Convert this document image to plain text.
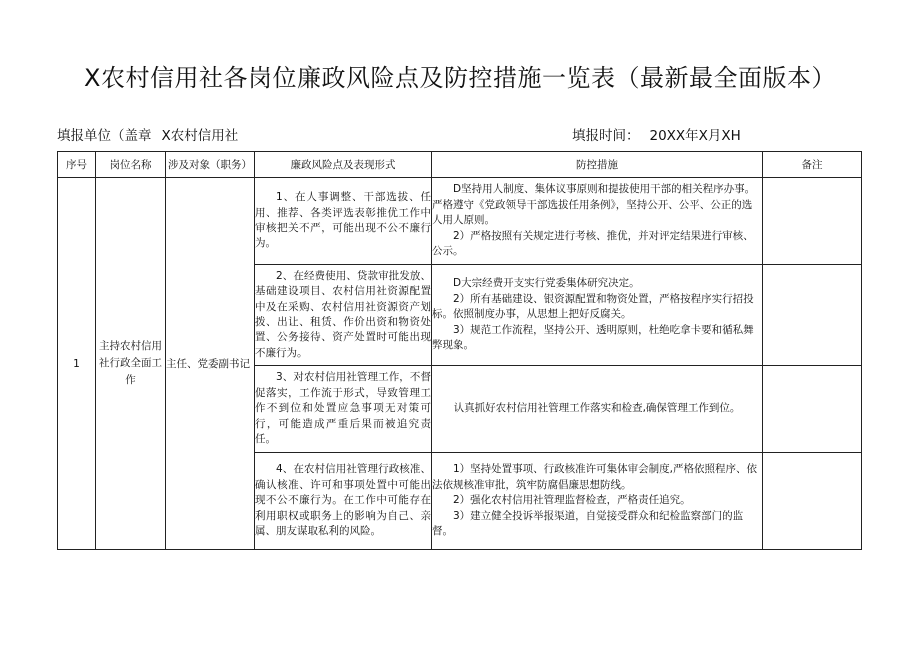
X农村信用社各岗位廉政风险点及防控措施一览表（最新最全面版本）
填报单位（盖章 X农村信用社	填报时间： 20XX年X月XH
序号	岗位名称	涉及对象（职务）	廉政风险点及表现形式	防控措施	备注
1	主持农村信用社行政全面工作	主任、党委副书记	1、在人事调整、干部选拔、任用、推荐、各类评选表彰推优工作中审核把关不严，可能出现不公不廉行为。	D坚持用人制度、集体议事原则和提拔使用干部的相关程序办事。严格遵守《党政领导干部选拔任用条例》，坚持公开、公平、公正的选人用人原则。
2）严格按照有关规定进行考核、推优，并对评定结果进行审核、公示。	

			2、在经费使用、贷款审批发放、基础建设项目、农村信用社资源配置中及在采购、农村信用社资源资产划拨、出让、租赁、作价出资和物资处置、公务接待、资产处置时可能出现不廉行为。	D大宗经费开支实行党委集体研究决定。
2）所有基础建设、银资源配置和物资处置，严格按程序实行招投标。依照制度办事，从思想上把好反腐关。
3）规范工作流程，坚持公开、透明原则，杜绝吃拿卡要和循私舞弊现象。	

			3、对农村信用社管理工作，不督促落实，工作流于形式，导致管理工作不到位和处置应急事项无对策可行，可能造成严重后果而被追究责任。	认真抓好农村信用社管理工作落实和检查,确保管理工作到位。	

			4、在农村信用社管理行政核准、确认核准、许可和事项处置中可能出现不公不廉行为。在工作中可能存在利用职权或职务上的影响为自己、亲属、朋友谋取私利的风险。	1）坚持处置事项、行政核准许可集体审会制度,严格依照程序、依法依规核准审批，筑牢防腐倡廉思想防线。
2）强化农村信用社管理监督检查，严格责任追究。
3）建立健全投诉举报渠道，自觉接受群众和纪检监察部门的监督。	
